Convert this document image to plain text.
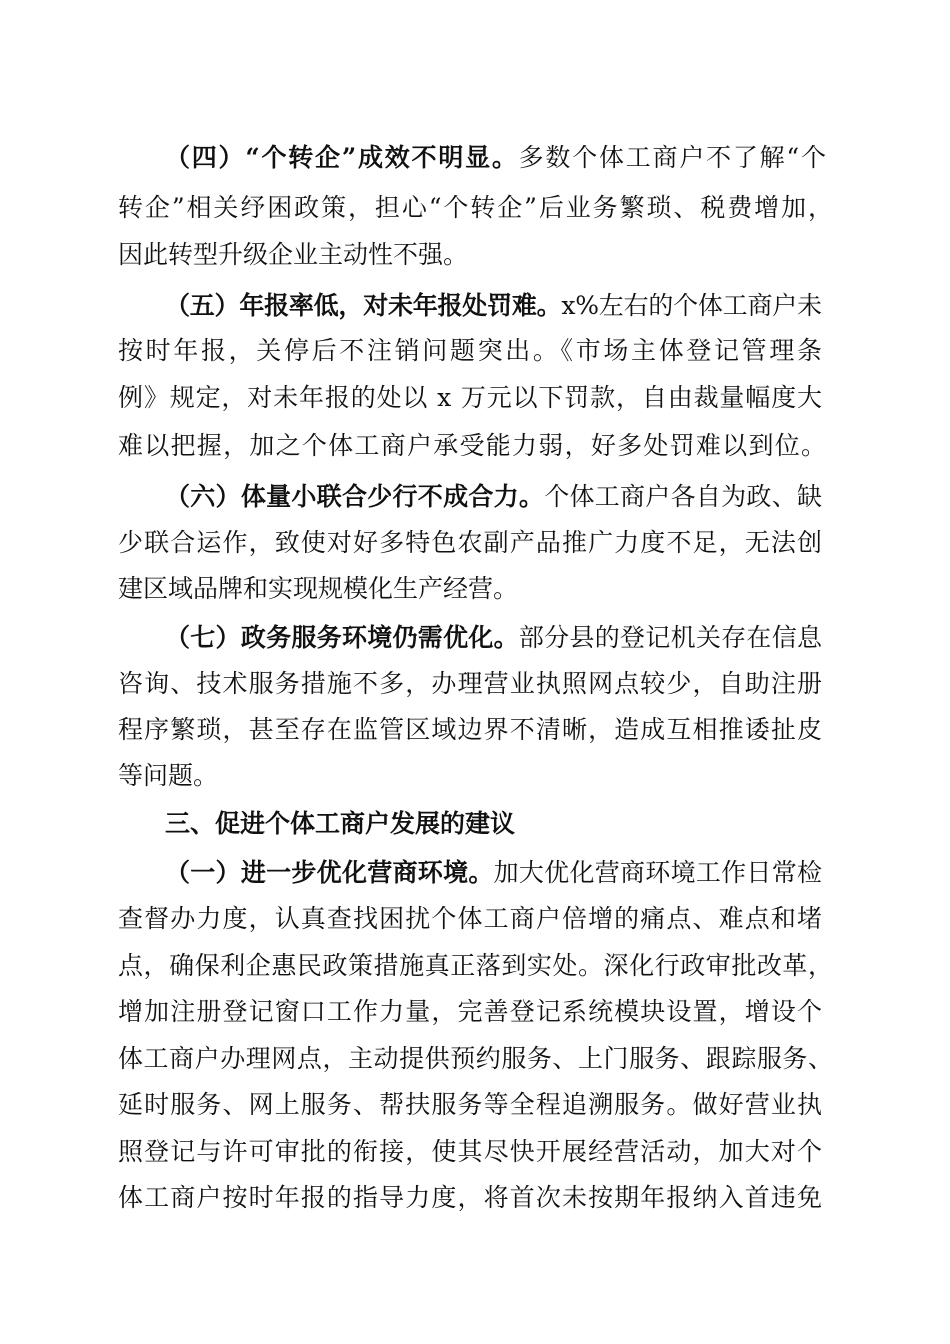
（四）“个转企”成效不明显。 多数个体工商户不了解“个
转企”相关纾困政策，担心“个转企”后业务繁琐、税费增加，
因此转型升级企业主动性不强。
（五）年报率低，对未年报处罚难。 x%左右的个体工商户未
按时年报，关停后不注销问题突出。《市场主体登记管理条
例》规定，对未年报的处以 x 万元以下罚款，自由裁量幅度大
难以把握，加之个体工商户承受能力弱，好多处罚难以到位。
（六）体量小联合少行不成合力。 个体工商户各自为政、缺
少联合运作，致使对好多特色农副产品推广力度不足，无法创
建区域品牌和实现规模化生产经营。
（七）政务服务环境仍需优化。 部分县的登记机关存在信息
咨询、技术服务措施不多，办理营业执照网点较少，自助注册
程序繁琐，甚至存在监管区域边界不清晰，造成互相推诿扯皮
等问题。
三、促进个体工商户发展的建议
（一）进一步优化营商环境。 加大优化营商环境工作日常检
查督办力度，认真查找困扰个体工商户倍增的痛点、难点和堵
点，确保利企惠民政策措施真正落到实处。深化行政审批改革，
增加注册登记窗口工作力量，完善登记系统模块设置，增设个
体工商户办理网点，主动提供预约服务、上门服务、跟踪服务、
延时服务、网上服务、帮扶服务等全程追溯服务。做好营业执
照登记与许可审批的衔接，使其尽快开展经营活动，加大对个
体工商户按时年报的指导力度，将首次未按期年报纳入首违免
